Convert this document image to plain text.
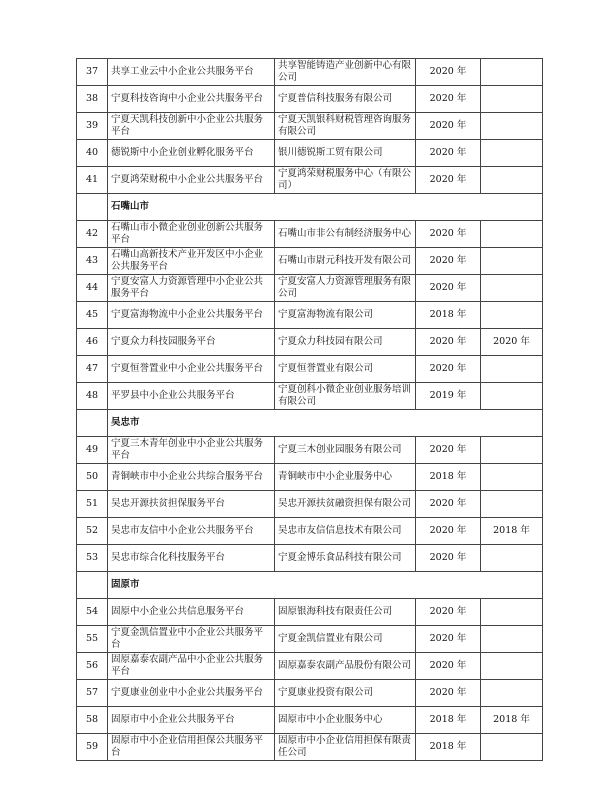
37	共享工业云中小企业公共服务平台	共享智能铸造产业创新中心有限公司	2020 年	
38	宁夏科技咨询中小企业公共服务平台	宁夏普信科技服务有限公司	2020 年	
39	宁夏天凯科技创新中小企业公共服务平台	宁夏天凯银科财税管理咨询服务有限公司	2020 年	
40	德锐斯中小企业创业孵化服务平台	银川德锐斯工贸有限公司	2020 年	
41	宁夏鸿荣财税中小企业公共服务平台	宁夏鸿荣财税服务中心（有限公司）	2020 年	
	石嘴山市			
42	石嘴山市小微企业创业创新公共服务平台	石嘴山市非公有制经济服务中心	2020 年	
43	石嘴山高新技术产业开发区中小企业公共服务平台	石嘴山市尉元科技开发有限公司	2020 年	
44	宁夏安富人力资源管理中小企业公共服务平台	宁夏安富人力资源管理服务有限公司	2020 年	
45	宁夏富海物流中小企业公共服务平台	宁夏富海物流有限公司	2018 年	
46	宁夏众力科技园服务平台	宁夏众力科技园有限公司	2020 年	2020 年
47	宁夏恒誉置业中小企业公共服务平台	宁夏恒誉置业有限公司	2020 年	
48	平罗县中小企业公共服务平台	宁夏创科小微企业创业服务培训有限公司	2019 年	
	吴忠市			
49	宁夏三木青年创业中小企业公共服务平台	宁夏三木创业园服务有限公司	2020 年	
50	青铜峡市中小企业公共综合服务平台	青铜峡市中小企业服务中心	2018 年	
51	吴忠开源扶贫担保服务平台	吴忠开源扶贫融资担保有限公司	2020 年	
52	吴忠市友信中小企业公共服务平台	吴忠市友信信息技术有限公司	2020 年	2018 年
53	吴忠市综合化科技服务平台	宁夏金博乐食品科技有限公司	2020 年	
	固原市			
54	固原中小企业公共信息服务平台	固原银海科技有限责任公司	2020 年	
55	宁夏金凯信置业中小企业公共服务平台	宁夏金凯信置业有限公司	2020 年	
56	固原嘉泰农副产品中小企业公共服务平台	固原嘉泰农副产品股份有限公司	2020 年	
57	宁夏康业创业中小企业公共服务平台	宁夏康业投资有限公司	2020 年	
58	固原市中小企业公共服务平台	固原市中小企业服务中心	2018 年	2018 年
59	固原市中小企业信用担保公共服务平台	固原市中小企业信用担保有限责任公司	2018 年	
